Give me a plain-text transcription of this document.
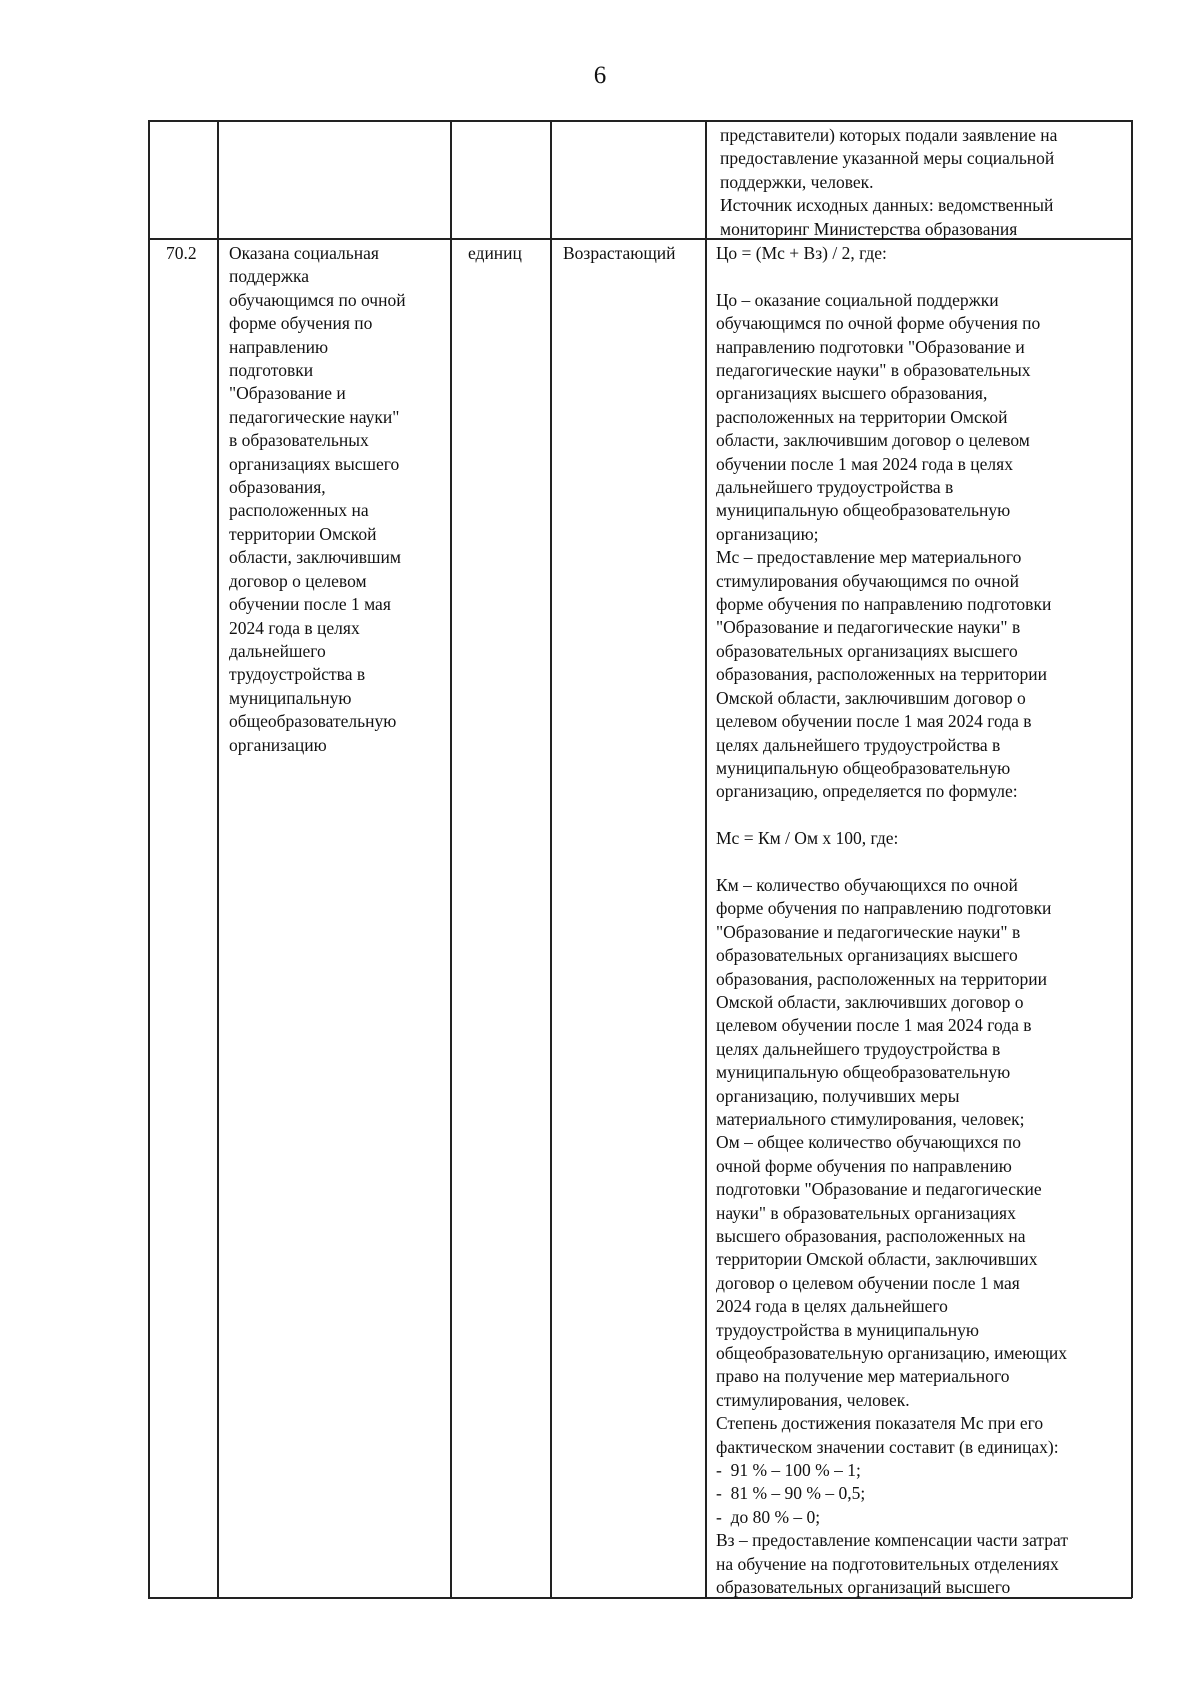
6
представители) которых подали заявление на
предоставление указанной меры социальной
поддержки, человек.
Источник исходных данных: ведомственный
мониторинг Министерства образования
70.2 Оказана социальная
поддержка
обучающимся по очной
форме обучения по
направлению
подготовки
"Образование и
педагогические науки"
в образовательных
организациях высшего
образования,
расположенных на
территории Омской
области, заключившим
договор о целевом
обучении после 1 мая
2024 года в целях
дальнейшего
трудоустройства в
муниципальную
общеобразовательную
организацию
единиц Возрастающий Цо = (Мс + Вз) / 2, где:
Цо – оказание социальной поддержки
обучающимся по очной форме обучения по
направлению подготовки "Образование и
педагогические науки" в образовательных
организациях высшего образования,
расположенных на территории Омской
области, заключившим договор о целевом
обучении после 1 мая 2024 года в целях
дальнейшего трудоустройства в
муниципальную общеобразовательную
организацию;
Мс – предоставление мер материального
стимулирования обучающимся по очной
форме обучения по направлению подготовки
"Образование и педагогические науки" в
образовательных организациях высшего
образования, расположенных на территории
Омской области, заключившим договор о
целевом обучении после 1 мая 2024 года в
целях дальнейшего трудоустройства в
муниципальную общеобразовательную
организацию, определяется по формуле:
Мс = Км / Ом х 100, где:
Км – количество обучающихся по очной
форме обучения по направлению подготовки
"Образование и педагогические науки" в
образовательных организациях высшего
образования, расположенных на территории
Омской области, заключивших договор о
целевом обучении после 1 мая 2024 года в
целях дальнейшего трудоустройства в
муниципальную общеобразовательную
организацию, получивших меры
материального стимулирования, человек;
Ом – общее количество обучающихся по
очной форме обучения по направлению
подготовки "Образование и педагогические
науки" в образовательных организациях
высшего образования, расположенных на
территории Омской области, заключивших
договор о целевом обучении после 1 мая
2024 года в целях дальнейшего
трудоустройства в муниципальную
общеобразовательную организацию, имеющих
право на получение мер материального
стимулирования, человек.
Степень достижения показателя Мс при его
фактическом значении составит (в единицах):
-  91 % – 100 % – 1;
-  81 % – 90 % – 0,5;
-  до 80 % – 0;
Вз – предоставление компенсации части затрат
на обучение на подготовительных отделениях
образовательных организаций высшего
